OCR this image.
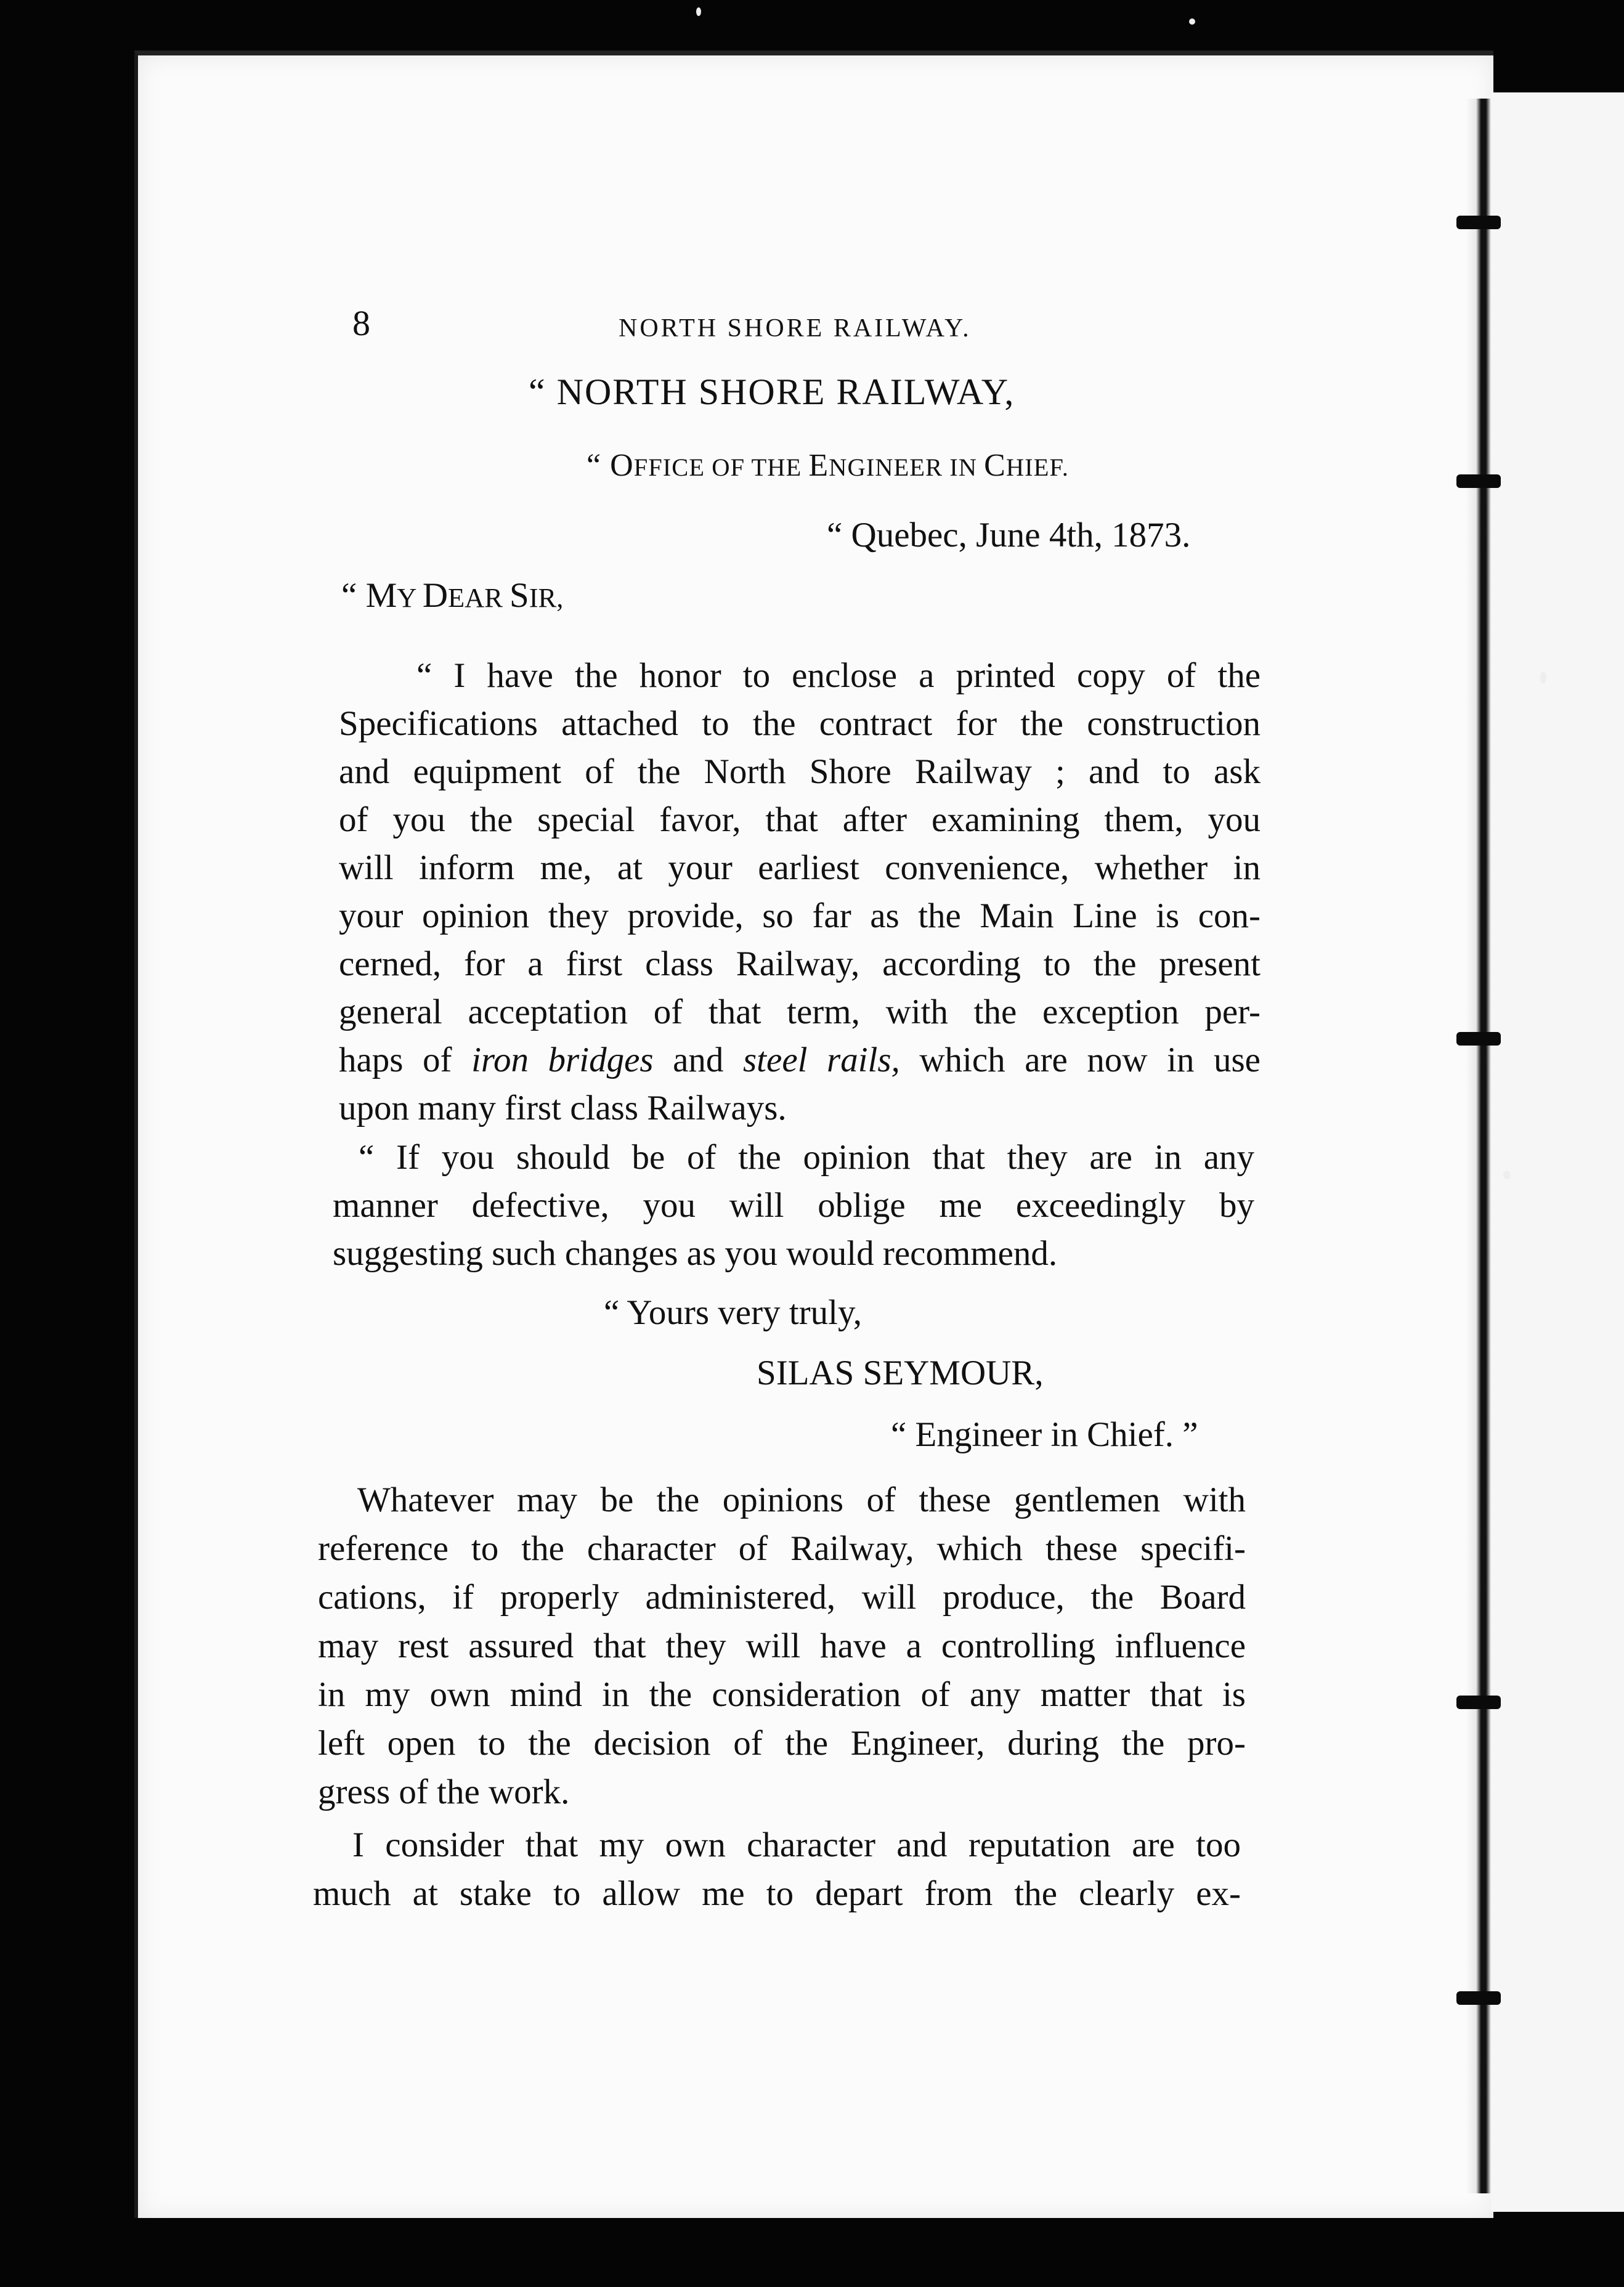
8	NORTH SHORE RAILWAY.
“ NORTH SHORE RAILWAY,
“ OFFICE OF THE ENGINEER IN CHIEF.
“ Quebec, June 4th, 1873.
“ MY DEAR SIR,
“ I have the honor to enclose a printed copy of the
Specifications attached to the contract for the construction
and equipment of the North Shore Railway ; and to ask
of you the special favor, that after examining them, you
will inform me, at your earliest convenience, whether in
your opinion they provide, so far as the Main Line is con-
cerned, for a first class Railway, according to the present
general acceptation of that term, with the exception per-
haps of iron bridges and steel rails, which are now in use
upon many first class Railways.
“ If you should be of the opinion that they are in any
manner defective, you will oblige me exceedingly by
suggesting such changes as you would recommend.
“ Yours very truly,
SILAS SEYMOUR,
“ Engineer in Chief. ”
Whatever may be the opinions of these gentlemen with
reference to the character of Railway, which these specifi-
cations, if properly administered, will produce, the Board
may rest assured that they will have a controlling influence
in my own mind in the consideration of any matter that is
left open to the decision of the Engineer, during the pro-
gress of the work.
I consider that my own character and reputation are too
much at stake to allow me to depart from the clearly ex-
